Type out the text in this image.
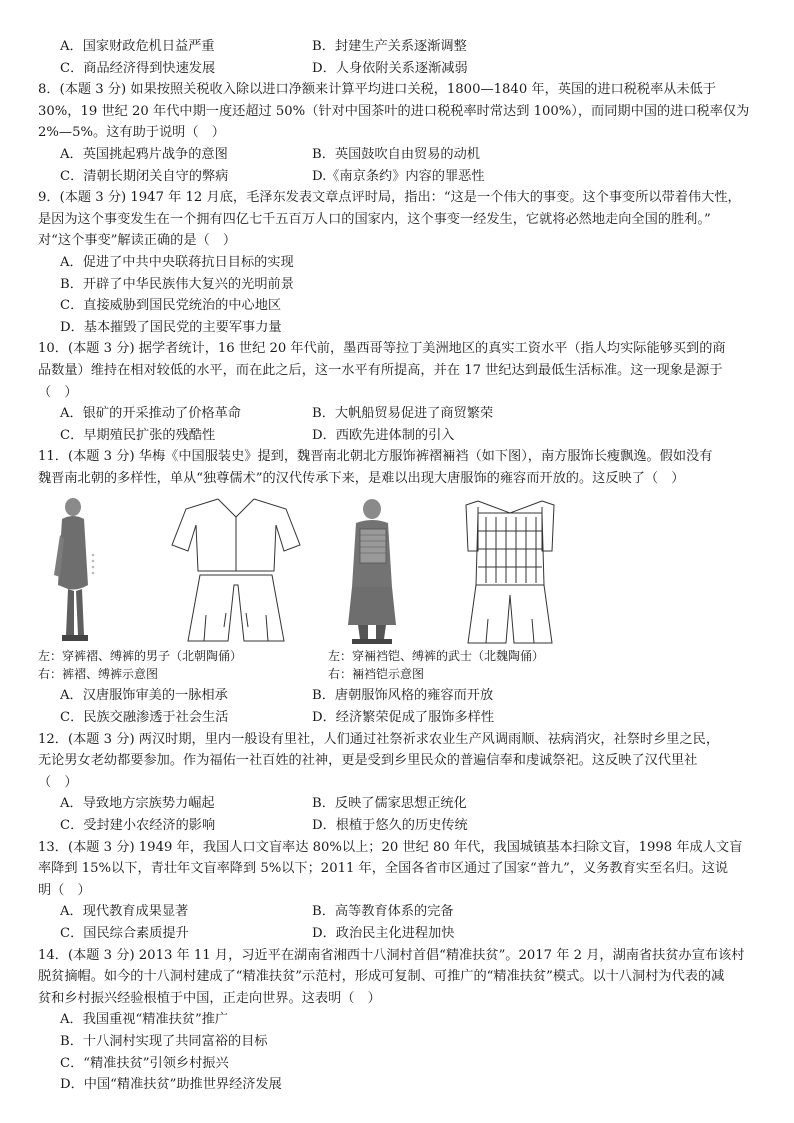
A．国家财政危机日益严重	B．封建生产关系逐渐调整
C．商品经济得到快速发展	D．人身依附关系逐渐减弱
8．(本题 3 分) 如果按照关税收入除以进口净额来计算平均进口关税，1800—1840 年，英国的进口税税率从未低于
30%，19 世纪 20 年代中期一度还超过 50%（针对中国茶叶的进口税税率时常达到 100%），而同期中国的进口税率仅为
2%—5%。这有助于说明（　）
A．英国挑起鸦片战争的意图	B．英国鼓吹自由贸易的动机
C．清朝长期闭关自守的弊病	D.《南京条约》内容的罪恶性
9．(本题 3 分) 1947 年 12 月底，毛泽东发表文章点评时局，指出：“这是一个伟大的事变。这个事变所以带着伟大性，
是因为这个事变发生在一个拥有四亿七千五百万人口的国家内，这个事变一经发生，它就将必然地走向全国的胜利。”
对“这个事变”解读正确的是（　）
A．促进了中共中央联蒋抗日目标的实现
B．开辟了中华民族伟大复兴的光明前景
C．直接威胁到国民党统治的中心地区
D．基本摧毁了国民党的主要军事力量
10．(本题 3 分) 据学者统计，16 世纪 20 年代前，墨西哥等拉丁美洲地区的真实工资水平（指人均实际能够买到的商
品数量）维持在相对较低的水平，而在此之后，这一水平有所提高，并在 17 世纪达到最低生活标准。这一现象是源于
（　）
A．银矿的开采推动了价格革命	B．大帆船贸易促进了商贸繁荣
C．早期殖民扩张的残酷性	D．西欧先进体制的引入
11．(本题 3 分) 华梅《中国服装史》提到，魏晋南北朝北方服饰裤褶裲裆（如下图），南方服饰长瘦飘逸。假如没有
魏晋南北朝的多样性，单从“独尊儒术”的汉代传承下来，是难以出现大唐服饰的雍容而开放的。这反映了（　）
左：穿裤褶、缚裤的男子（北朝陶俑）
右：裤褶、缚裤示意图
左：穿裲裆铠、缚裤的武士（北魏陶俑）
右：裲裆铠示意图
A．汉唐服饰审美的一脉相承	B．唐朝服饰风格的雍容而开放
C．民族交融渗透于社会生活	D．经济繁荣促成了服饰多样性
12．(本题 3 分) 两汉时期，里内一般设有里社，人们通过社祭祈求农业生产风调雨顺、祛病消灾，社祭时乡里之民，
无论男女老幼都要参加。作为福佑一社百姓的社神，更是受到乡里民众的普遍信奉和虔诚祭祀。这反映了汉代里社
（　）
A．导致地方宗族势力崛起	B．反映了儒家思想正统化
C．受封建小农经济的影响	D．根植于悠久的历史传统
13．(本题 3 分) 1949 年，我国人口文盲率达 80%以上；20 世纪 80 年代，我国城镇基本扫除文盲，1998 年成人文盲
率降到 15%以下，青壮年文盲率降到 5%以下；2011 年，全国各省市区通过了国家“普九”，义务教育实至名归。这说
明（　）
A．现代教育成果显著	B．高等教育体系的完备
C．国民综合素质提升	D．政治民主化进程加快
14．(本题 3 分) 2013 年 11 月，习近平在湖南省湘西十八洞村首倡“精准扶贫”。2017 年 2 月，湖南省扶贫办宣布该村
脱贫摘帽。如今的十八洞村建成了“精准扶贫”示范村，形成可复制、可推广的“精准扶贫”模式。以十八洞村为代表的减
贫和乡村振兴经验根植于中国，正走向世界。这表明（　）
A．我国重视“精准扶贫”推广
B．十八洞村实现了共同富裕的目标
C．“精准扶贫”引领乡村振兴
D．中国“精准扶贫”助推世界经济发展
